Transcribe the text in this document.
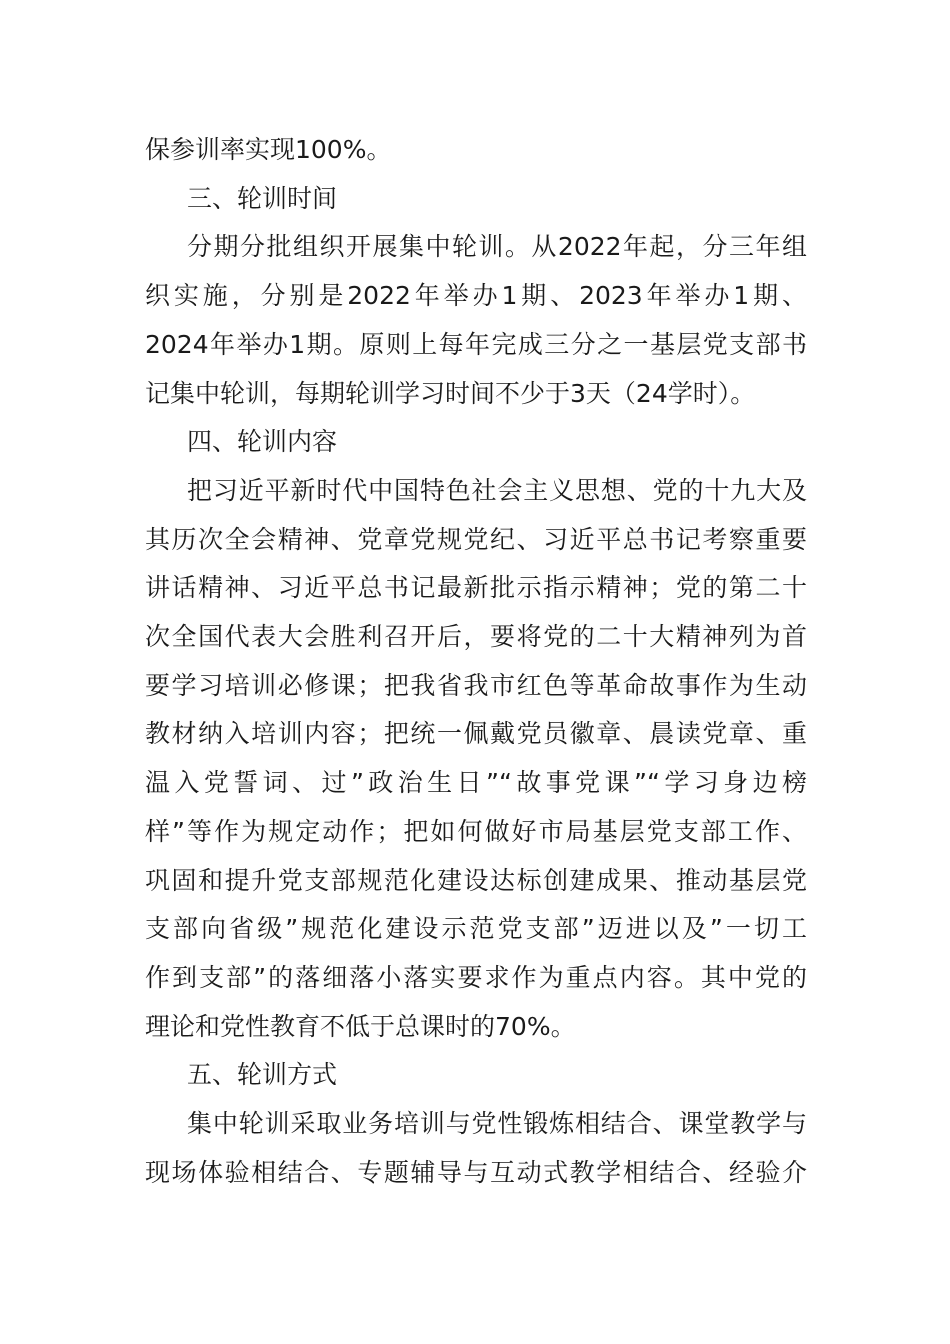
保参训率实现100%。
三、轮训时间
分期分批组织开展集中轮训。从2022年起，分三年组
织实施，分别是2022年举办1期、2023年举办1期、
2024年举办1期。原则上每年完成三分之一基层党支部书
记集中轮训，每期轮训学习时间不少于3天（24学时）。
四、轮训内容
把习近平新时代中国特色社会主义思想、党的十九大及
其历次全会精神、党章党规党纪、习近平总书记考察重要
讲话精神、习近平总书记最新批示指示精神；党的第二十
次全国代表大会胜利召开后，要将党的二十大精神列为首
要学习培训必修课；把我省我市红色等革命故事作为生动
教材纳入培训内容；把统一佩戴党员徽章、晨读党章、重
温入党誓词、过”政治生日”“故事党课”“学习身边榜
样”等作为规定动作；把如何做好市局基层党支部工作、
巩固和提升党支部规范化建设达标创建成果、推动基层党
支部向省级”规范化建设示范党支部”迈进以及”一切工
作到支部”的落细落小落实要求作为重点内容。其中党的
理论和党性教育不低于总课时的70%。
五、轮训方式
集中轮训采取业务培训与党性锻炼相结合、课堂教学与
现场体验相结合、专题辅导与互动式教学相结合、经验介
